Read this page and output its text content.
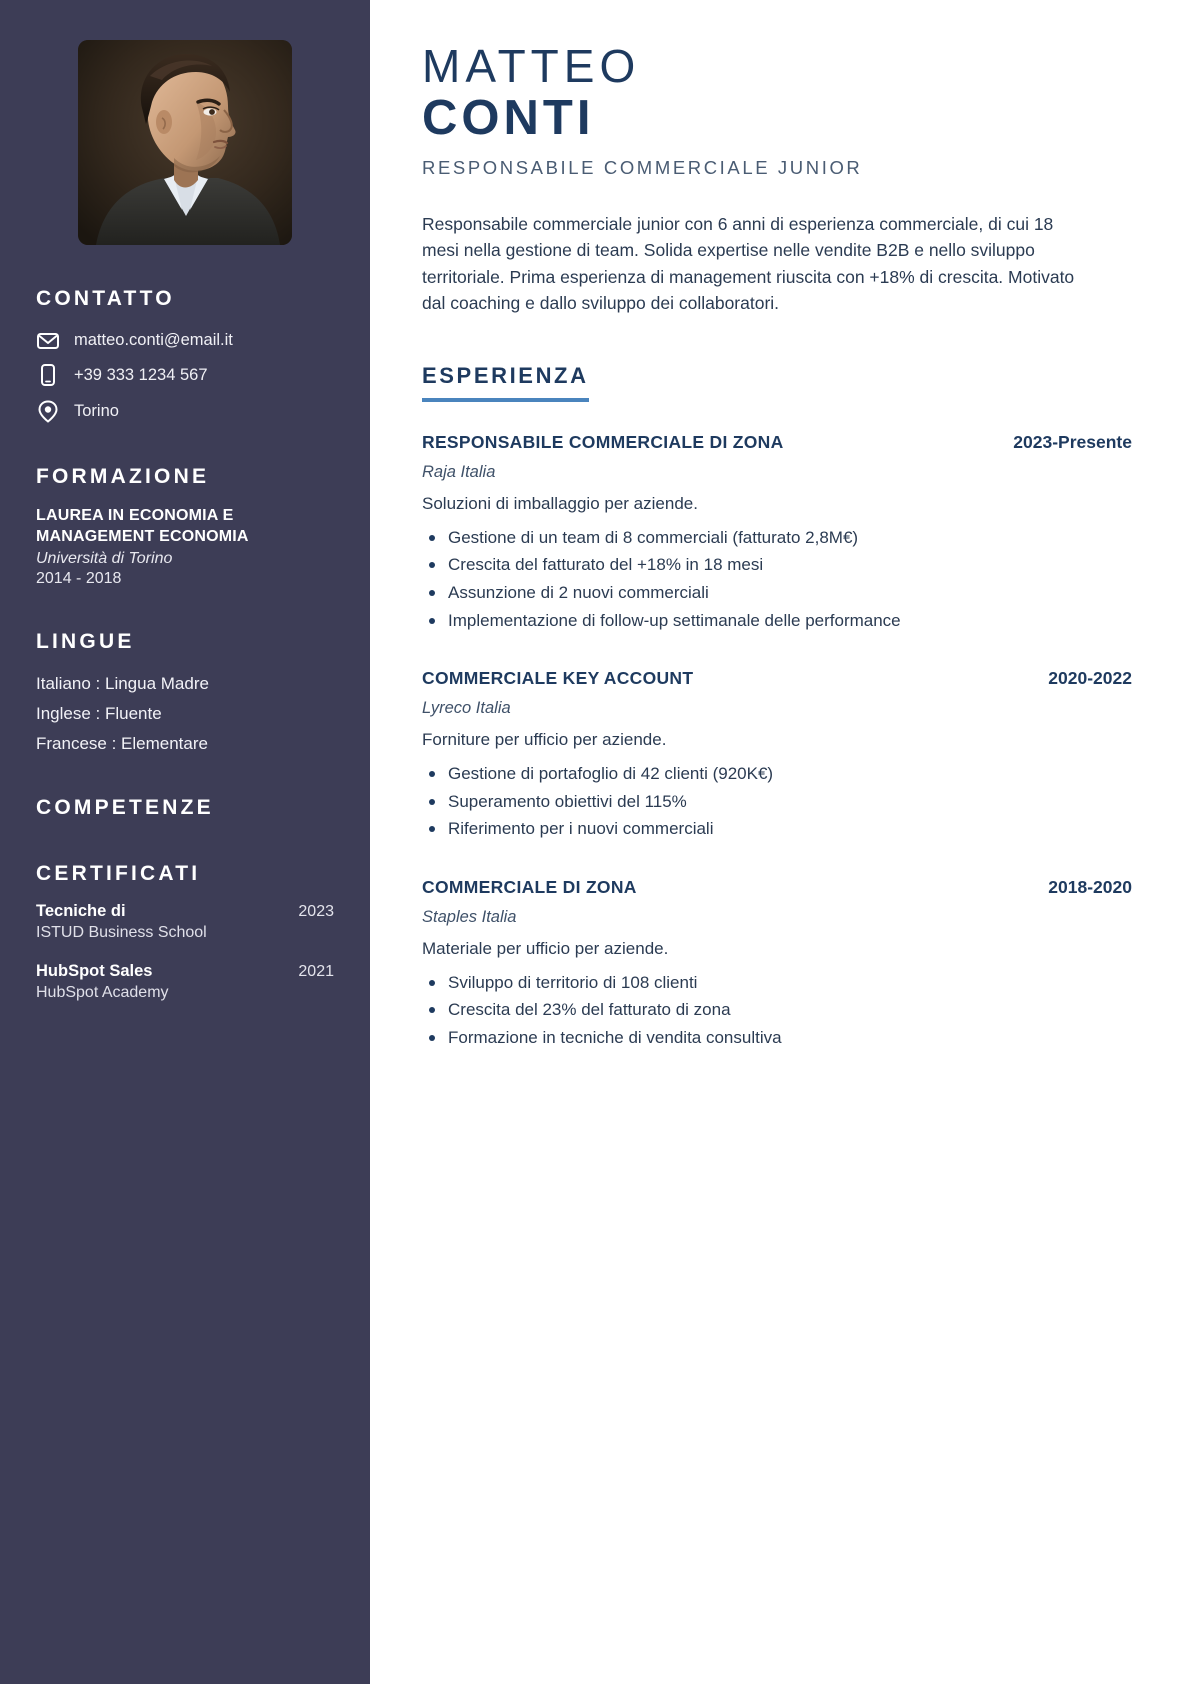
CONTATTO
matteo.conti@email.it
+39 333 1234 567
Torino
FORMAZIONE
LAUREA IN ECONOMIA E MANAGEMENT ECONOMIA
Università di Torino
2014 - 2018
LINGUE
Italiano : Lingua Madre
Inglese : Fluente
Francese : Elementare
COMPETENZE
CERTIFICATI
Tecniche di	2023
ISTUD Business School
HubSpot Sales	2021
HubSpot Academy
MATTEO
CONTI
RESPONSABILE COMMERCIALE JUNIOR

Responsabile commerciale junior con 6 anni di esperienza commerciale, di cui 18 mesi nella gestione di team. Solida expertise nelle vendite B2B e nello sviluppo territoriale. Prima esperienza di management riuscita con +18% di crescita. Motivato dal coaching e dallo sviluppo dei collaboratori.

ESPERIENZA
RESPONSABILE COMMERCIALE DI ZONA	2023-Presente
Raja Italia
Soluzioni di imballaggio per aziende.
Gestione di un team di 8 commerciali (fatturato 2,8M€)
Crescita del fatturato del +18% in 18 mesi
Assunzione di 2 nuovi commerciali
Implementazione di follow-up settimanale delle performance
COMMERCIALE KEY ACCOUNT	2020-2022
Lyreco Italia
Forniture per ufficio per aziende.
Gestione di portafoglio di 42 clienti (920K€)
Superamento obiettivi del 115%
Riferimento per i nuovi commerciali
COMMERCIALE DI ZONA	2018-2020
Staples Italia
Materiale per ufficio per aziende.
Sviluppo di territorio di 108 clienti
Crescita del 23% del fatturato di zona
Formazione in tecniche di vendita consultiva
